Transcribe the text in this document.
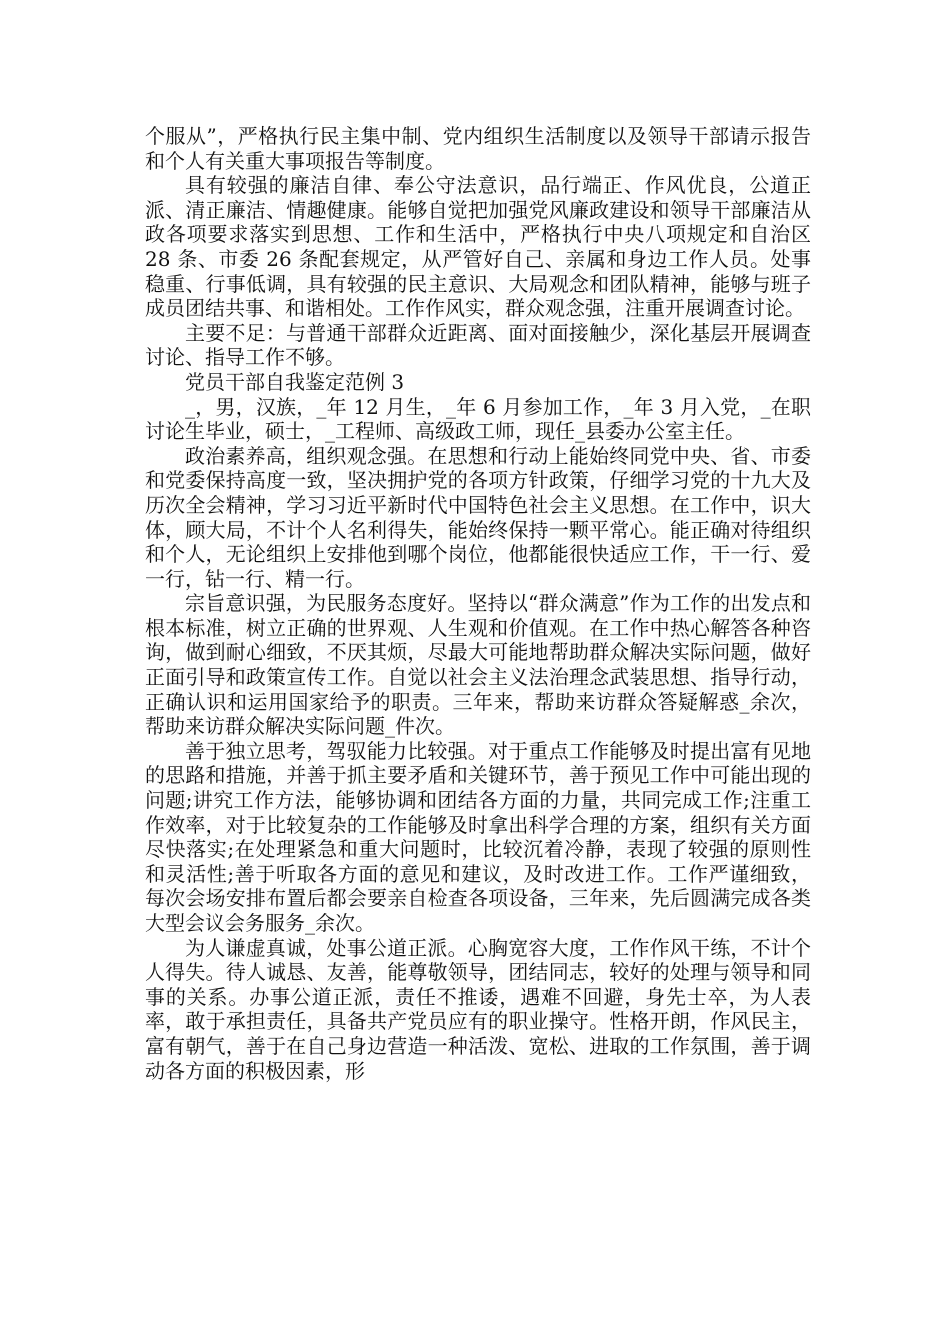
个服从”，严格执行民主集中制、党内组织生活制度以及领导干部请示报告和个人有关重大事项报告等制度。

具有较强的廉洁自律、奉公守法意识，品行端正、作风优良，公道正派、清正廉洁、情趣健康。能够自觉把加强党风廉政建设和领导干部廉洁从政各项要求落实到思想、工作和生活中，严格执行中央八项规定和自治区 28 条、市委 26 条配套规定，从严管好自己、亲属和身边工作人员。处事稳重、行事低调，具有较强的民主意识、大局观念和团队精神，能够与班子成员团结共事、和谐相处。工作作风实，群众观念强，注重开展调查讨论。

主要不足：与普通干部群众近距离、面对面接触少，深化基层开展调查讨论、指导工作不够。

党员干部自我鉴定范例 3

_，男，汉族，_年 12 月生，_年 6 月参加工作，_年 3 月入党，_在职讨论生毕业，硕士，_工程师、高级政工师，现任_县委办公室主任。

政治素养高，组织观念强。在思想和行动上能始终同党中央、省、市委和党委保持高度一致，坚决拥护党的各项方针政策，仔细学习党的十九大及历次全会精神，学习习近平新时代中国特色社会主义思想。在工作中，识大体，顾大局，不计个人名利得失，能始终保持一颗平常心。能正确对待组织和个人，无论组织上安排他到哪个岗位，他都能很快适应工作，干一行、爱一行，钻一行、精一行。

宗旨意识强，为民服务态度好。坚持以“群众满意”作为工作的出发点和根本标准，树立正确的世界观、人生观和价值观。在工作中热心解答各种咨询，做到耐心细致，不厌其烦，尽最大可能地帮助群众解决实际问题，做好正面引导和政策宣传工作。自觉以社会主义法治理念武装思想、指导行动，正确认识和运用国家给予的职责。三年来，帮助来访群众答疑解惑_余次，帮助来访群众解决实际问题_件次。

善于独立思考，驾驭能力比较强。对于重点工作能够及时提出富有见地的思路和措施，并善于抓主要矛盾和关键环节，善于预见工作中可能出现的问题;讲究工作方法，能够协调和团结各方面的力量，共同完成工作;注重工作效率，对于比较复杂的工作能够及时拿出科学合理的方案，组织有关方面尽快落实;在处理紧急和重大问题时，比较沉着冷静，表现了较强的原则性和灵活性;善于听取各方面的意见和建议，及时改进工作。工作严谨细致，每次会场安排布置后都会要亲自检查各项设备，三年来，先后圆满完成各类大型会议会务服务_余次。

为人谦虚真诚，处事公道正派。心胸宽容大度，工作作风干练，不计个人得失。待人诚恳、友善，能尊敬领导，团结同志，较好的处理与领导和同事的关系。办事公道正派，责任不推诿，遇难不回避，身先士卒，为人表率，敢于承担责任，具备共产党员应有的职业操守。性格开朗，作风民主，富有朝气，善于在自己身边营造一种活泼、宽松、进取的工作氛围，善于调动各方面的积极因素，形
